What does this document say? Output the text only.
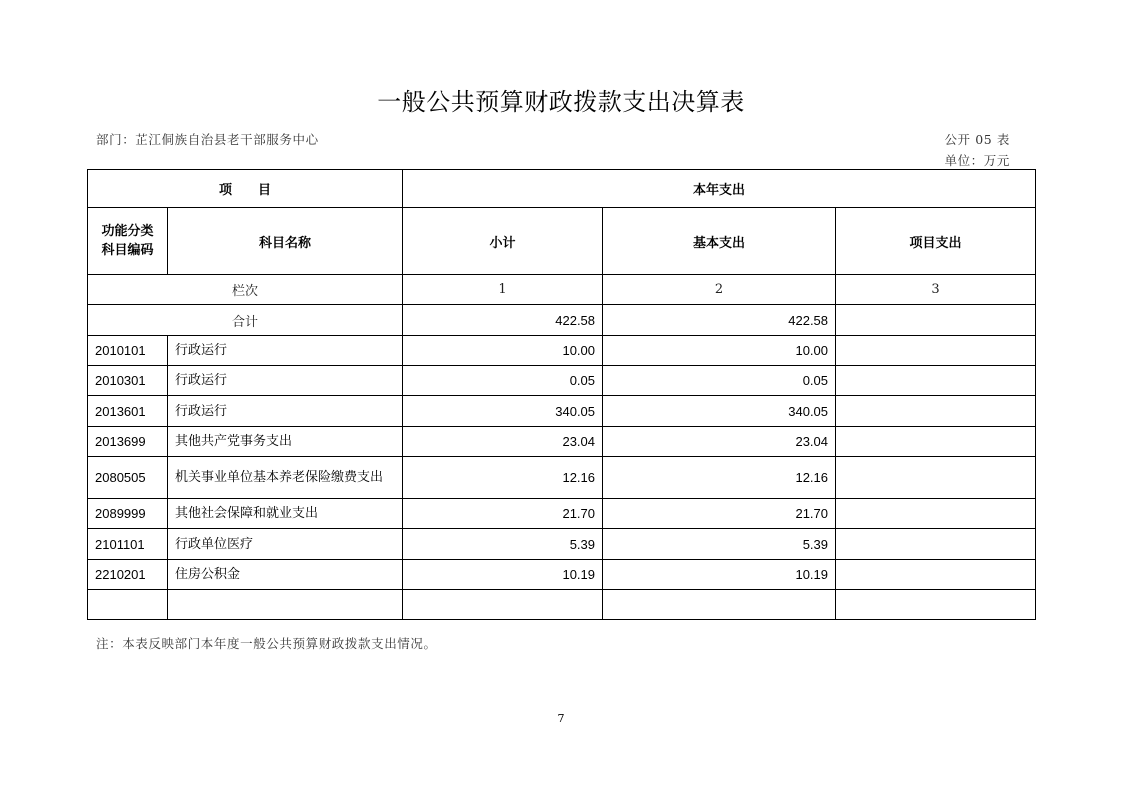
一般公共预算财政拨款支出决算表
部门：芷江侗族自治县老干部服务中心	公开 05 表
单位：万元
项　　目		本年支出		
功能分类
科目编码	科目名称	小计	基本支出	项目支出
栏次		1	2	3
合计		422.58	422.58	
2010101	行政运行	10.00	10.00	
2010301	行政运行	0.05	0.05	
2013601	行政运行	340.05	340.05	
2013699	其他共产党事务支出	23.04	23.04	
2080505	机关事业单位基本养老保险缴费支出	12.16	12.16	
2089999	其他社会保障和就业支出	21.70	21.70	
2101101	行政单位医疗	5.39	5.39	
2210201	住房公积金	10.19	10.19	

注：本表反映部门本年度一般公共预算财政拨款支出情况。
7
